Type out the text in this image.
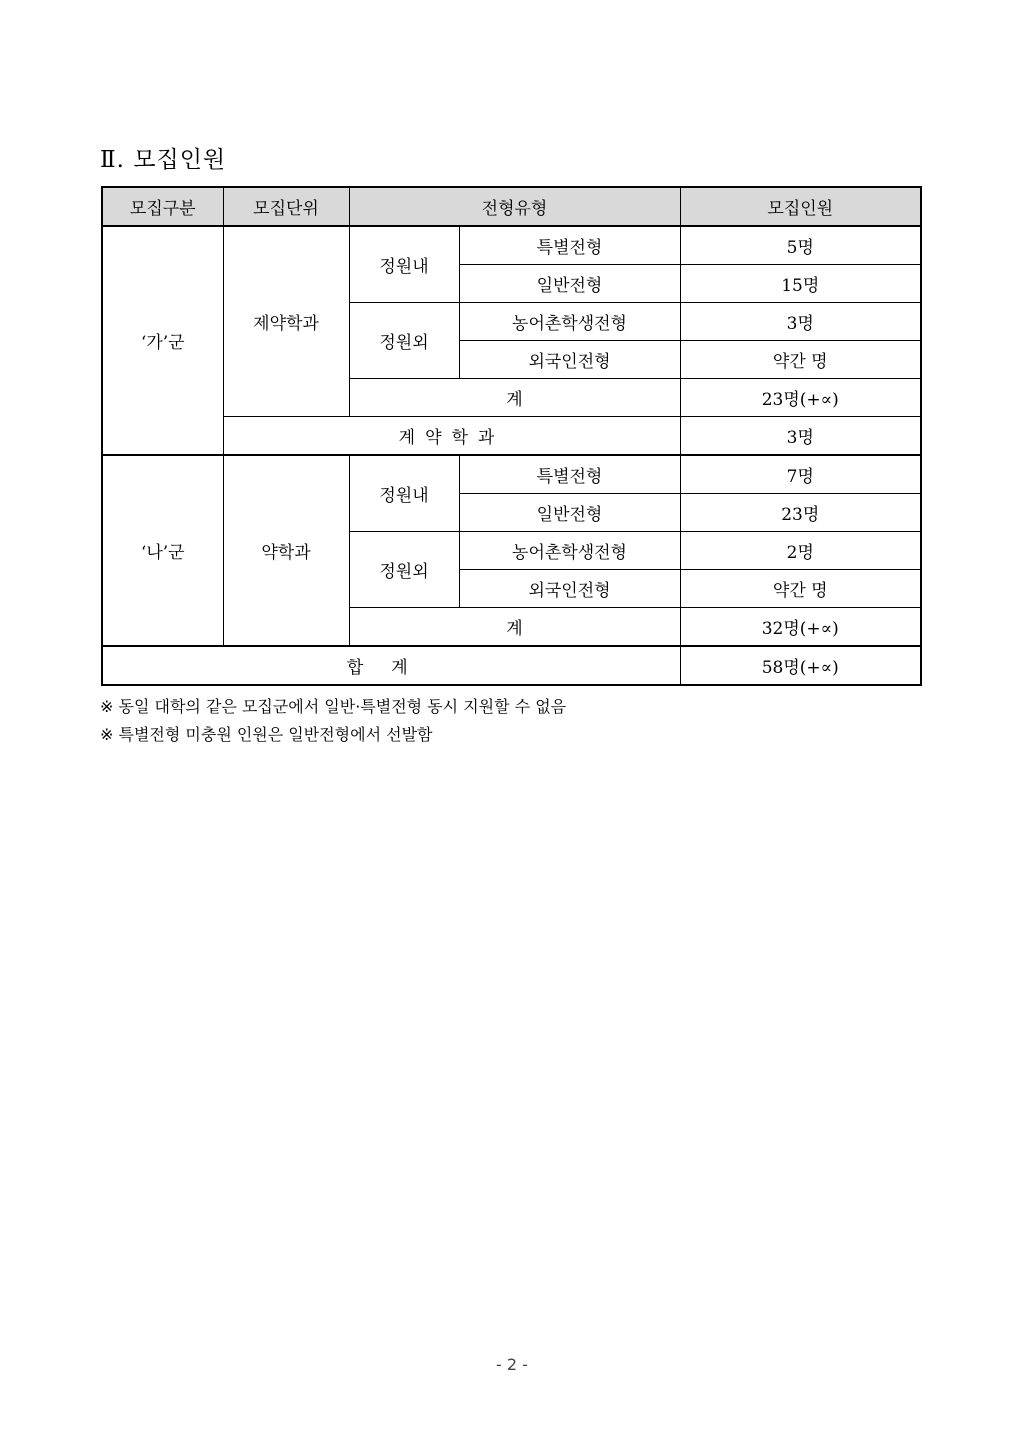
Ⅱ. 모집인원
모집구분	모집단위	전형유형		모집인원
‘가’군	제약학과	정원내	특별전형	5명
			일반전형	15명
		정원외	농어촌학생전형	3명
			외국인전형	약간 명
		계		23명(+∝)
	계약학과			3명
‘나’군	약학과	정원내	특별전형	7명
			일반전형	23명
		정원외	농어촌학생전형	2명
			외국인전형	약간 명
		계		32명(+∝)
합계				58명(+∝)
※ 동일 대학의 같은 모집군에서 일반·특별전형 동시 지원할 수 없음
※ 특별전형 미충원 인원은 일반전형에서 선발함
- 2 -
